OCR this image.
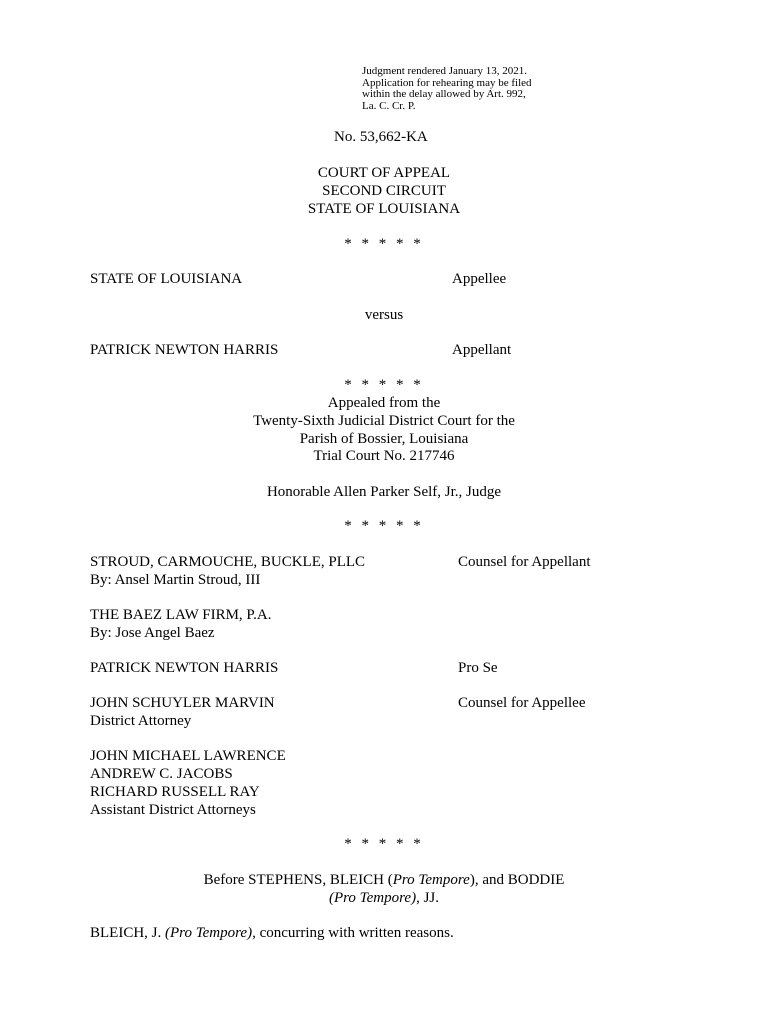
Judgment rendered January 13, 2021.
Application for rehearing may be filed
within the delay allowed by Art. 992,
La. C. Cr. P.
No. 53,662-KA
COURT OF APPEAL
SECOND CIRCUIT
STATE OF LOUISIANA
* * * * *
STATE OF LOUISIANA	Appellee
versus
PATRICK NEWTON HARRIS	Appellant
* * * * *
Appealed from the
Twenty-Sixth Judicial District Court for the
Parish of Bossier, Louisiana
Trial Court No. 217746
Honorable Allen Parker Self, Jr., Judge
* * * * *
STROUD, CARMOUCHE, BUCKLE, PLLC	Counsel for Appellant
By: Ansel Martin Stroud, III
THE BAEZ LAW FIRM, P.A.
By: Jose Angel Baez
PATRICK NEWTON HARRIS	Pro Se
JOHN SCHUYLER MARVIN	Counsel for Appellee
District Attorney
JOHN MICHAEL LAWRENCE
ANDREW C. JACOBS
RICHARD RUSSELL RAY
Assistant District Attorneys
* * * * *
Before STEPHENS, BLEICH (Pro Tempore), and BODDIE
(Pro Tempore), JJ.
BLEICH, J. (Pro Tempore), concurring with written reasons.
